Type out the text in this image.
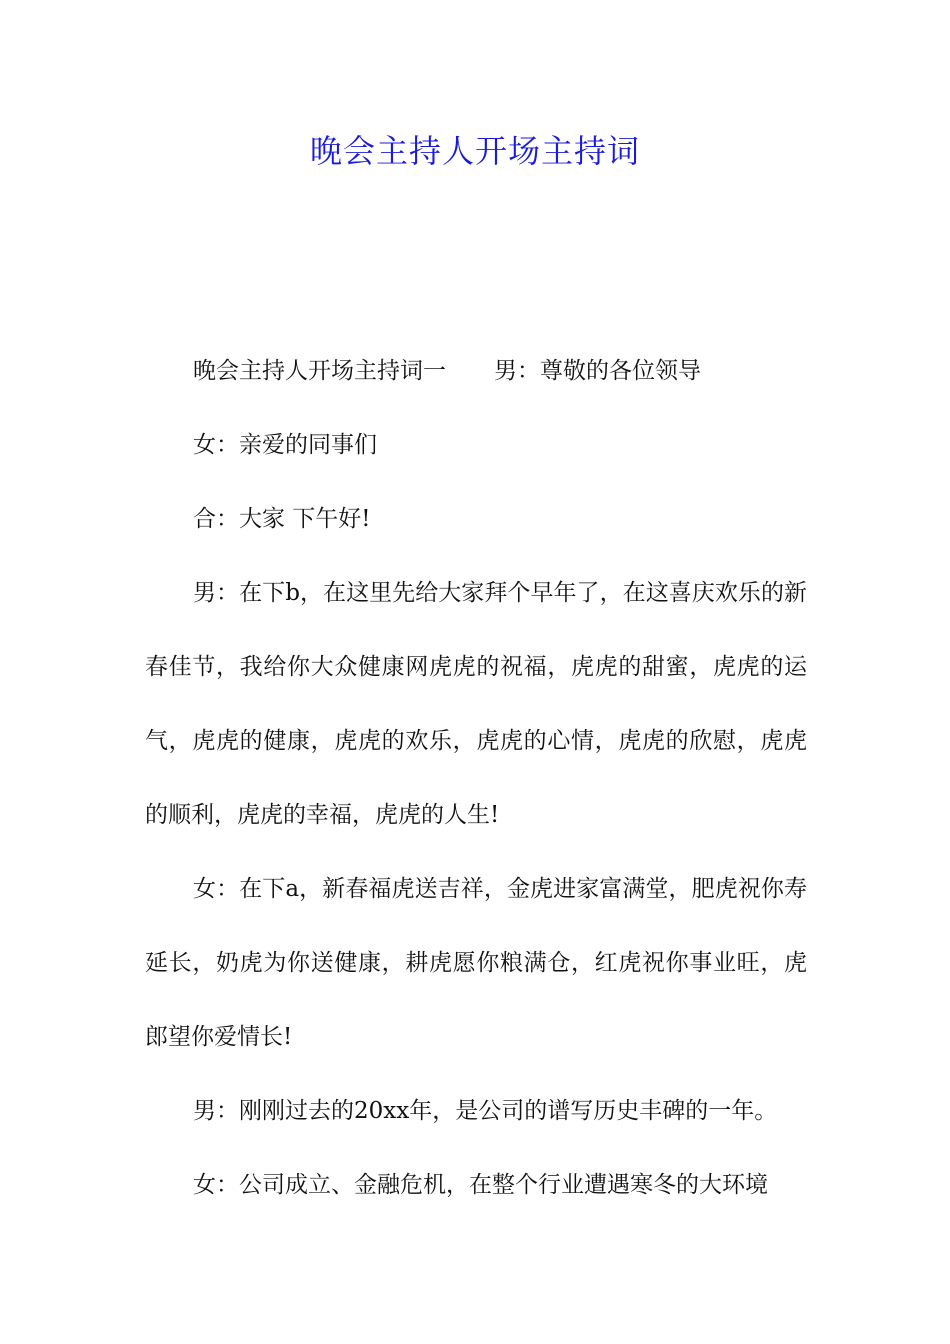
晚会主持人开场主持词

晚会主持人开场主持词一 男：尊敬的各位领导

女：亲爱的同事们

合：大家 下午好!

男：在下b，在这里先给大家拜个早年了，在这喜庆欢乐的新春佳节，我给你大众健康网虎虎的祝福，虎虎的甜蜜，虎虎的运气，虎虎的健康，虎虎的欢乐，虎虎的心情，虎虎的欣慰，虎虎的顺利，虎虎的幸福，虎虎的人生!

女：在下a，新春福虎送吉祥，金虎进家富满堂，肥虎祝你寿延长，奶虎为你送健康，耕虎愿你粮满仓，红虎祝你事业旺，虎郎望你爱情长!

男：刚刚过去的20xx年，是公司的谱写历史丰碑的一年。

女：公司成立、金融危机，在整个行业遭遇寒冬的大环境
